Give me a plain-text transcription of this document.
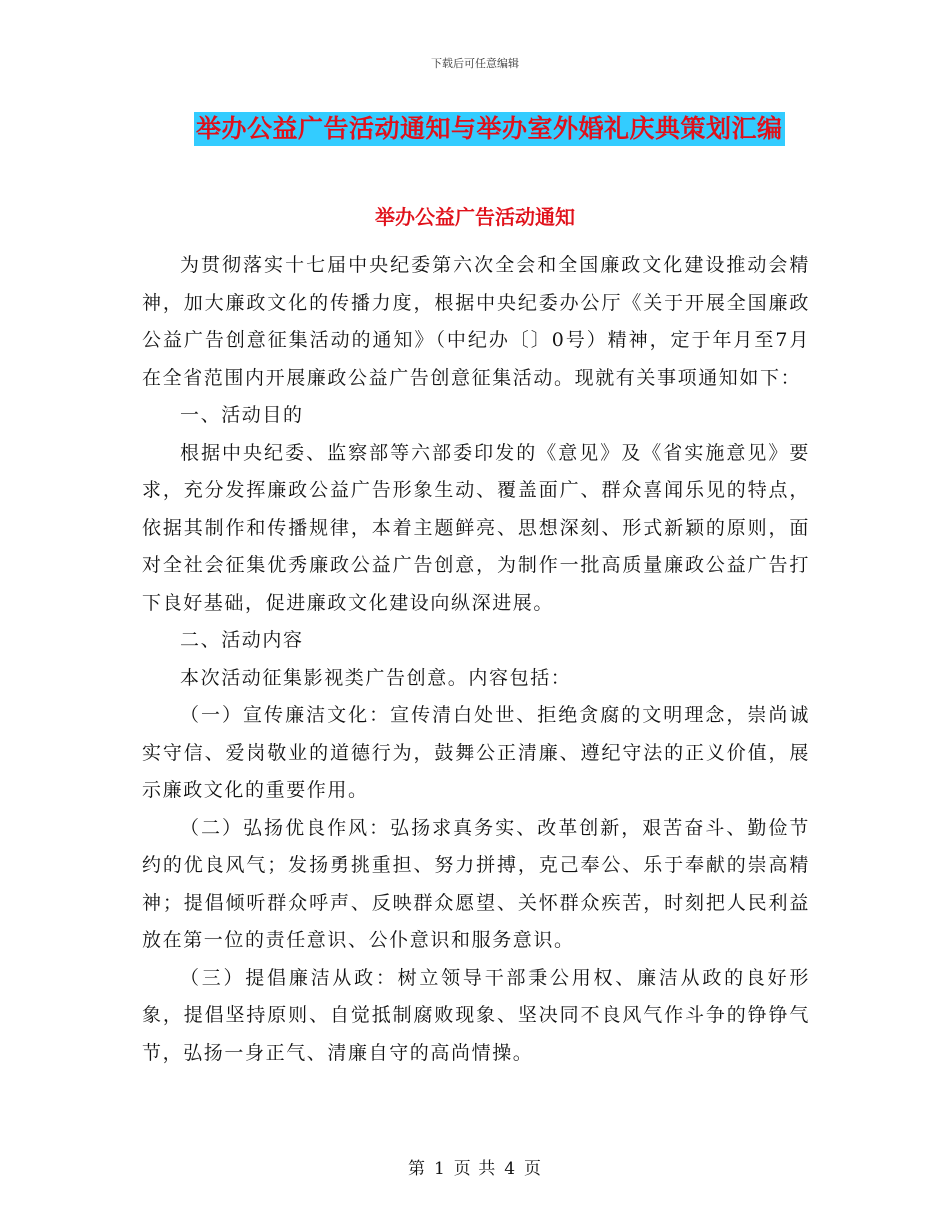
下载后可任意编辑
举办公益广告活动通知与举办室外婚礼庆典策划汇编
举办公益广告活动通知

为贯彻落实十七届中央纪委第六次全会和全国廉政文化建设推动会精神，加大廉政文化的传播力度，根据中央纪委办公厅《关于开展全国廉政公益广告创意征集活动的通知》（中纪办〔〕0号）精神，定于年月至7月在全省范围内开展廉政公益广告创意征集活动。现就有关事项通知如下：

一、活动目的

根据中央纪委、监察部等六部委印发的《意见》及《省实施意见》要求，充分发挥廉政公益广告形象生动、覆盖面广、群众喜闻乐见的特点，依据其制作和传播规律，本着主题鲜亮、思想深刻、形式新颖的原则，面对全社会征集优秀廉政公益广告创意，为制作一批高质量廉政公益广告打下良好基础，促进廉政文化建设向纵深进展。

二、活动内容

本次活动征集影视类广告创意。内容包括：

（一）宣传廉洁文化：宣传清白处世、拒绝贪腐的文明理念，崇尚诚实守信、爱岗敬业的道德行为，鼓舞公正清廉、遵纪守法的正义价值，展示廉政文化的重要作用。

（二）弘扬优良作风：弘扬求真务实、改革创新，艰苦奋斗、勤俭节约的优良风气；发扬勇挑重担、努力拼搏，克己奉公、乐于奉献的崇高精神；提倡倾听群众呼声、反映群众愿望、关怀群众疾苦，时刻把人民利益放在第一位的责任意识、公仆意识和服务意识。

（三）提倡廉洁从政：树立领导干部秉公用权、廉洁从政的良好形象，提倡坚持原则、自觉抵制腐败现象、坚决同不良风气作斗争的铮铮气节，弘扬一身正气、清廉自守的高尚情操。

第 1 页 共 4 页
